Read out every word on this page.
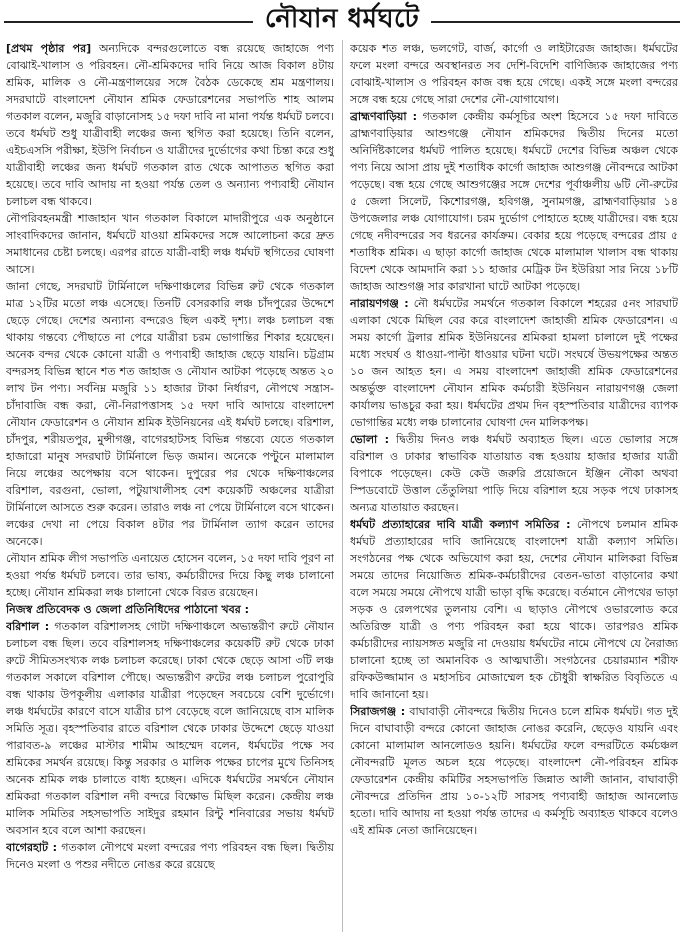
নৌযান ধর্মঘটে

[প্রথম পৃষ্ঠার পর] অন্যদিকে বন্দরগুলোতে বন্ধ রয়েছে জাহাজে পণ্য বোঝাই-খালাস ও পরিবহন। নৌ-শ্রমিকদের দাবি নিয়ে আজ বিকাল ৪টায় শ্রমিক, মালিক ও নৌ-মন্ত্রণালয়ের সঙ্গে বৈঠক ডেকেছে শ্রম মন্ত্রণালয়। সদরঘাটে বাংলাদেশ নৌযান শ্রমিক ফেডারেশনের সভাপতি শাহ আলম গতকাল বলেন, মজুরি বাড়ানোসহ ১৫ দফা দাবি না মানা পর্যন্ত ধর্মঘট চলবে। তবে ধর্মঘট শুধু যাত্রীবাহী লঞ্চের জন্য স্থগিত করা হয়েছে। তিনি বলেন, এইচএসসি পরীক্ষা, ইউপি নির্বাচন ও যাত্রীদের দুর্ভোগের কথা চিন্তা করে শুধু যাত্রীবাহী লঞ্চের জন্য ধর্মঘট গতকাল রাত থেকে আপাতত স্থগিত করা হয়েছে। তবে দাবি আদায় না হওয়া পর্যন্ত তেল ও অন্যান্য পণ্যবাহী নৌযান চলাচল বন্ধ থাকবে।

নৌপরিবহনমন্ত্রী শাজাহান খান গতকাল বিকালে মাদারীপুরে এক অনুষ্ঠানে সাংবাদিকদের জানান, ধর্মঘটে যাওয়া শ্রমিকদের সঙ্গে আলোচনা করে দ্রুত সমাধানের চেষ্টা চলছে। এরপর রাতে যাত্রী-বাহী লঞ্চ ধর্মঘট স্থগিতের ঘোষণা আসে।

জানা গেছে, সদরঘাট টার্মিনালে দক্ষিণাঞ্চলের বিভিন্ন রুট থেকে গতকাল মাত্র ১২টির মতো লঞ্চ এসেছে। তিনটি বেসরকারি লঞ্চ চাঁদপুরের উদ্দেশে ছেড়ে গেছে। দেশের অন্যান্য বন্দরেও ছিল একই দৃশ্য। লঞ্চ চলাচল বন্ধ থাকায় গন্তব্যে পৌছাতে না পেরে যাত্রীরা চরম ভোগান্তির শিকার হয়েছেন। অনেক বন্দর থেকে কোনো যাত্রী ও পণ্যবাহী জাহাজ ছেড়ে যায়নি। চট্টগ্রাম বন্দরসহ বিভিন্ন স্থানে শত শত জাহাজ ও নৌযান আটকা পড়েছে অন্তত ২০ লাখ টন পণ্য। সর্বনিম্ন মজুরি ১১ হাজার টাকা নির্ধারণ, নৌপথে সন্ত্রাস-চাঁদাবাজি বন্ধ করা, নৌ-নিরাপত্তাসহ ১৫ দফা দাবি আদায়ে বাংলাদেশ নৌযান ফেডারেশন ও নৌযান শ্রমিক ইউনিয়নের এই ধর্মঘট চলছে। বরিশাল, চাঁদপুর, শরীয়তপুর, মুন্সীগঞ্জ, বাগেরহাটসহ বিভিন্ন গন্তব্যে যেতে গতকাল হাজারো মানুষ সদরঘাট টার্মিনালে ভিড় জমান। অনেকে পণ্টুনে মালামাল নিয়ে লঞ্চের অপেক্ষায় বসে থাকেন। দুপুরের পর থেকে দক্ষিণাঞ্চলের বরিশাল, বরগুনা, ভোলা, পটুয়াখালীসহ বেশ কয়েকটি অঞ্চলের যাত্রীরা টার্মিনালে আসতে শুরু করেন। তারাও লঞ্চ না পেয়ে টার্মিনালে বসে থাকেন। লঞ্চের দেখা না পেয়ে বিকাল ৪টার পর টার্মিনাল ত্যাগ করেন তাদের অনেকে।

নৌযান শ্রমিক লীগ সভাপতি এনায়েত হোসেন বলেন, ১৫ দফা দাবি পূরণ না হওয়া পর্যন্ত ধর্মঘট চলবে। তার ভাষ্য, কর্মচারীদের দিয়ে কিছু লঞ্চ চালানো হচ্ছে। নৌযান শ্রমিকরা লঞ্চ চালানো থেকে বিরত রয়েছেন।

নিজস্ব প্রতিবেদক ও জেলা প্রতিনিধিদের পাঠানো খবর :

বরিশাল : গতকাল বরিশালসহ গোটা দক্ষিণাঞ্চলে অভ্যন্তরীণ রুটে নৌযান চলাচল বন্ধ ছিল। তবে বরিশালসহ দক্ষিণাঞ্চলের কয়েকটি রুট থেকে ঢাকা রুটে সীমিতসংখ্যক লঞ্চ চলাচল করেছে। ঢাকা থেকে ছেড়ে আসা ৩টি লঞ্চ গতকাল সকালে বরিশাল পৌছে। অভ্যন্তরীণ রুটের লঞ্চ চলাচল পুরোপুরি বন্ধ থাকায় উপকূলীয় এলাকার যাত্রীরা পড়েছেন সবচেয়ে বেশি দুর্ভোগে। লঞ্চ ধর্মঘটের কারণে বাসে যাত্রীর চাপ বেড়েছে বলে জানিয়েছে বাস মালিক সমিতি সূত্র। বৃহস্পতিবার রাতে বরিশাল থেকে ঢাকার উদ্দেশে ছেড়ে যাওয়া পারাবত-৯ লঞ্চের মাস্টার শামীম আহম্মেদ বলেন, ধর্মঘটের পক্ষে সব শ্রমিকের সমর্থন রয়েছে। কিন্তু সরকার ও মালিক পক্ষের চাপের মুখে তিনিসহ অনেক শ্রমিক লঞ্চ চালাতে বাধ্য হচ্ছেন। এদিকে ধর্মঘটের সমর্থনে নৌযান শ্রমিকরা গতকাল বরিশাল নদী বন্দরে বিক্ষোভ মিছিল করেন। কেন্দ্রীয় লঞ্চ মালিক সমিতির সহসভাপতি সাইদুর রহমান রিন্টু শনিবারের সভায় ধর্মঘট অবসান হবে বলে আশা করছেন।

বাগেরহাট : গতকাল নৌপথে মংলা বন্দরের পণ্য পরিবহন বন্ধ ছিল। দ্বিতীয় দিনেও মংলা ও পশুর নদীতে নোঙর করে রয়েছে

কয়েক শত লঞ্চ, ভলগেট, বার্জ, কার্গো ও লাইটারেজ জাহাজ। ধর্মঘটের ফলে মংলা বন্দরে অবস্থানরত সব দেশি-বিদেশি বাণিজ্যিক জাহাজের পণ্য বোঝাই-খালাস ও পরিবহন কাজ বন্ধ হয়ে গেছে। একই সঙ্গে মংলা বন্দরের সঙ্গে বন্ধ হয়ে গেছে সারা দেশের নৌ-যোগাযোগ।

ব্রাহ্মণবাড়িয়া : গতকাল কেন্দ্রীয় কর্মসূচির অংশ হিসেবে ১৫ দফা দাবিতে ব্রাহ্মণবাড়িয়ার আশুগঞ্জে নৌযান শ্রমিকদের দ্বিতীয় দিনের মতো অনির্দিষ্টকালের ধর্মঘট পালিত হয়েছে। ধর্মঘটে দেশের বিভিন্ন অঞ্চল থেকে পণ্য নিয়ে আসা প্রায় দুই শতাধিক কার্গো জাহাজ আশুগঞ্জ নৌবন্দরে আটকা পড়েছে। বন্ধ হয়ে গেছে আশুগঞ্জের সঙ্গে দেশের পূর্বাঞ্চলীয় ৬টি নৌ-রুটের ৫ জেলা সিলেট, কিশোরগঞ্জ, হবিগঞ্জ, সুনামগঞ্জ, ব্রাহ্মণবাড়িয়ার ১৪ উপজেলার লঞ্চ যোগাযোগ। চরম দুর্ভোগ পোহাতে হচ্ছে যাত্রীদের। বন্ধ হয়ে গেছে নদীবন্দরের সব ধরনের কার্যক্রম। বেকার হয়ে পড়েছে বন্দরের প্রায় ৫ শতাধিক শ্রমিক। এ ছাড়া কার্গো জাহাজ থেকে মালামাল খালাস বন্ধ থাকায় বিদেশ থেকে আমদানি করা ১১ হাজার মেট্রিক টন ইউরিয়া সার নিয়ে ১৮টি জাহাজ আশুগঞ্জ সার কারখানা ঘাটে আটকা পড়েছে।

নারায়ণগঞ্জ : নৌ ধর্মঘটের সমর্থনে গতকাল বিকালে শহরের ৫নং সারঘাট এলাকা থেকে মিছিল বের করে বাংলাদেশ জাহাজী শ্রমিক ফেডারেশন। এ সময় কার্গো ট্রলার শ্রমিক ইউনিয়নের শ্রমিকরা হামলা চালালে দুই পক্ষের মধ্যে সংঘর্ষ ও ধাওয়া-পাল্টা ধাওয়ার ঘটনা ঘটে। সংঘর্ষে উভয়পক্ষের অন্তত ১০ জন আহত হন। এ সময় বাংলাদেশ জাহাজী শ্রমিক ফেডারেশনের অন্তর্ভুক্ত বাংলাদেশ নৌযান শ্রমিক কর্মচারী ইউনিয়ন নারায়ণগঞ্জ জেলা কার্যালয় ভাঙচুর করা হয়। ধর্মঘটের প্রথম দিন বৃহস্পতিবার যাত্রীদের ব্যাপক ভোগান্তির মধ্যে লঞ্চ চালানোর ঘোষণা দেন মালিকপক্ষ।

ভোলা : দ্বিতীয় দিনও লঞ্চ ধর্মঘট অব্যাহত ছিল। এতে ভোলার সঙ্গে বরিশাল ও ঢাকার স্বাভাবিক যাতায়াত বন্ধ হওয়ায় হাজার হাজার যাত্রী বিপাকে পড়েছেন। কেউ কেউ জরুরি প্রয়োজনে ইঞ্জিন নৌকা অথবা স্পিডবোটে উত্তাল তেঁতুলিয়া পাড়ি দিয়ে বরিশাল হয়ে সড়ক পথে ঢাকাসহ অন্যত্র যাতায়াত করছেন।

ধর্মঘট প্রত্যাহারের দাবি যাত্রী কল্যাণ সমিতির : নৌপথে চলমান শ্রমিক ধর্মঘট প্রত্যাহারের দাবি জানিয়েছে বাংলাদেশ যাত্রী কল্যাণ সমিতি। সংগঠনের পক্ষ থেকে অভিযোগ করা হয়, দেশের নৌযান মালিকরা বিভিন্ন সময়ে তাদের নিয়োজিত শ্রমিক-কর্মচারীদের বেতন-ভাতা বাড়ানোর কথা বলে সময়ে সময়ে নৌপথে যাত্রী ভাড়া বৃদ্ধি করেছে। বর্তমানে নৌপথের ভাড়া সড়ক ও রেলপথের তুলনায় বেশি। এ ছাড়াও নৌপথে ওভারলোড করে অতিরিক্ত যাত্রী ও পণ্য পরিবহন করা হয়ে থাকে। তারপরও শ্রমিক কর্মচারীদের ন্যায়সঙ্গত মজুরি না দেওয়ায় ধর্মঘটের নামে নৌপথে যে নৈরাজ্য চালানো হচ্ছে তা অমানবিক ও আত্মঘাতী। সংগঠনের চেয়ারম্যান শরীফ রফিকউজ্জামান ও মহাসচিব মোজাম্মেল হক চৌধুরী স্বাক্ষরিত বিবৃতিতে এ দাবি জানানো হয়।

সিরাজগঞ্জ : বাঘাবাড়ী নৌবন্দরে দ্বিতীয় দিনেও চলে শ্রমিক ধর্মঘট। গত দুই দিনে বাঘাবাড়ী বন্দরে কোনো জাহাজ নোঙর করেনি, ছেড়েও যায়নি এবং কোনো মালামাল আনলোডও হয়নি। ধর্মঘটের ফলে বন্দরটিতে কর্মচঞ্চল নৌবন্দরটি মূলত অচল হয়ে পড়েছে। বাংলাদেশ নৌ-পরিবহন শ্রমিক ফেডারেশন কেন্দ্রীয় কমিটির সহসভাপতি জিন্নাত আলী জানান, বাঘাবাড়ী নৌবন্দরে প্রতিদিন প্রায় ১০-১২টি সারসহ পণ্যবাহী জাহাজ আনলোড হতো। দাবি আদায় না হওয়া পর্যন্ত তাদের এ কর্মসূচি অব্যাহত থাকবে বলেও এই শ্রমিক নেতা জানিয়েছেন।
